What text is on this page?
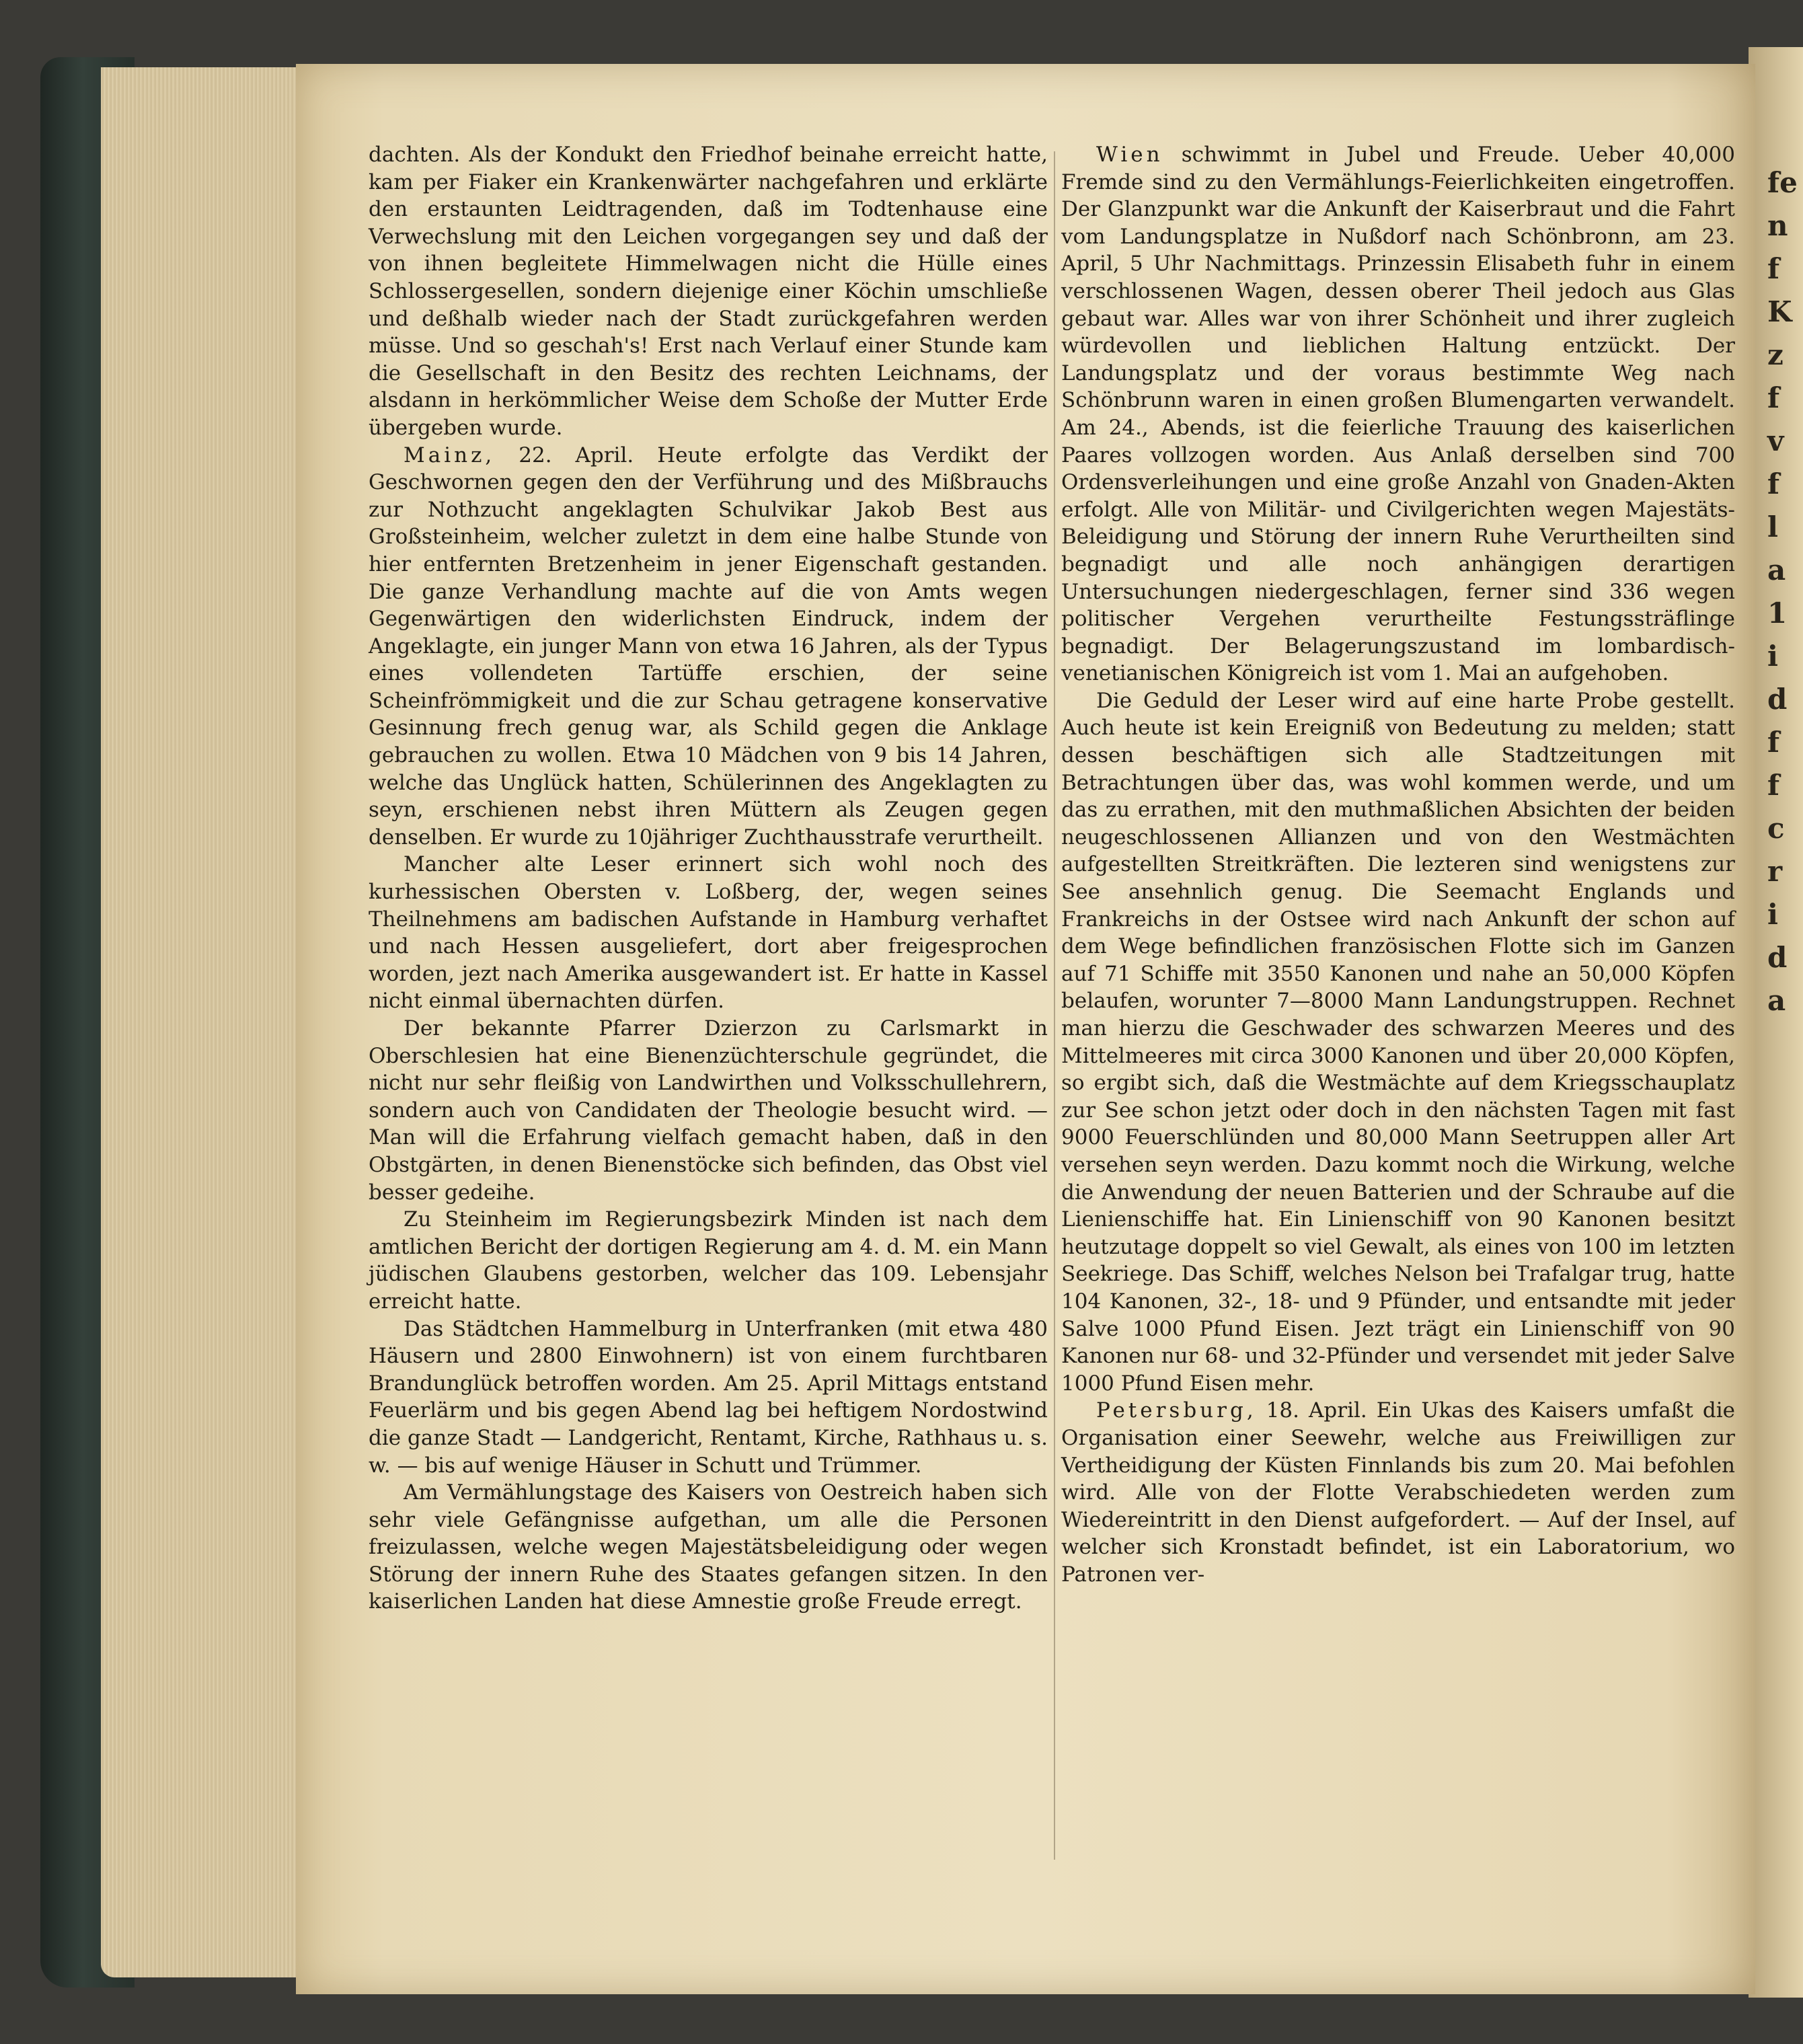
fe
n
f
K
z
f
v
f
l
a
1
i
d
f
f
c
r
i
d
a

dachten. Als der Kondukt den Friedhof beinahe erreicht hatte, kam per Fiaker ein Krankenwärter nachgefahren und erklärte den erstaunten Leidtragenden, daß im Todtenhause eine Verwechslung mit den Leichen vorgegangen sey und daß der von ihnen begleitete Himmelwagen nicht die Hülle eines Schlossergesellen, sondern diejenige einer Köchin umschließe und deßhalb wieder nach der Stadt zurückgefahren werden müsse. Und so geschah's! Erst nach Verlauf einer Stunde kam die Gesellschaft in den Besitz des rechten Leichnams, der alsdann in herkömmlicher Weise dem Schoße der Mutter Erde übergeben wurde.

Mainz, 22. April. Heute erfolgte das Verdikt der Geschwornen gegen den der Verführung und des Mißbrauchs zur Nothzucht angeklagten Schulvikar Jakob Best aus Großsteinheim, welcher zuletzt in dem eine halbe Stunde von hier entfernten Bretzenheim in jener Eigenschaft gestanden. Die ganze Verhandlung machte auf die von Amts wegen Gegenwärtigen den widerlichsten Eindruck, indem der Angeklagte, ein junger Mann von etwa 16 Jahren, als der Typus eines vollendeten Tartüffe erschien, der seine Scheinfrömmigkeit und die zur Schau getragene konservative Gesinnung frech genug war, als Schild gegen die Anklage gebrauchen zu wollen. Etwa 10 Mädchen von 9 bis 14 Jahren, welche das Unglück hatten, Schülerinnen des Angeklagten zu seyn, erschienen nebst ihren Müttern als Zeugen gegen denselben. Er wurde zu 10jähriger Zuchthausstrafe verurtheilt.

Mancher alte Leser erinnert sich wohl noch des kurhessischen Obersten v. Loßberg, der, wegen seines Theilnehmens am badischen Aufstande in Hamburg verhaftet und nach Hessen ausgeliefert, dort aber freigesprochen worden, jezt nach Amerika ausgewandert ist. Er hatte in Kassel nicht einmal übernachten dürfen.

Der bekannte Pfarrer Dzierzon zu Carlsmarkt in Oberschlesien hat eine Bienenzüchterschule gegründet, die nicht nur sehr fleißig von Landwirthen und Volksschullehrern, sondern auch von Candidaten der Theologie besucht wird. — Man will die Erfahrung vielfach gemacht haben, daß in den Obstgärten, in denen Bienenstöcke sich befinden, das Obst viel besser gedeihe.

Zu Steinheim im Regierungsbezirk Minden ist nach dem amtlichen Bericht der dortigen Regierung am 4. d. M. ein Mann jüdischen Glaubens gestorben, welcher das 109. Lebensjahr erreicht hatte.

Das Städtchen Hammelburg in Unterfranken (mit etwa 480 Häusern und 2800 Einwohnern) ist von einem furchtbaren Brandunglück betroffen worden. Am 25. April Mittags entstand Feuerlärm und bis gegen Abend lag bei heftigem Nordostwind die ganze Stadt — Landgericht, Rentamt, Kirche, Rathhaus u. s. w. — bis auf wenige Häuser in Schutt und Trümmer.

Am Vermählungstage des Kaisers von Oestreich haben sich sehr viele Gefängnisse aufgethan, um alle die Personen freizulassen, welche wegen Majestätsbeleidigung oder wegen Störung der innern Ruhe des Staates gefangen sitzen. In den kaiserlichen Landen hat diese Amnestie große Freude erregt.

Wien schwimmt in Jubel und Freude. Ueber 40,000 Fremde sind zu den Vermählungs-Feierlichkeiten eingetroffen. Der Glanzpunkt war die Ankunft der Kaiserbraut und die Fahrt vom Landungsplatze in Nußdorf nach Schönbronn, am 23. April, 5 Uhr Nachmittags. Prinzessin Elisabeth fuhr in einem verschlossenen Wagen, dessen oberer Theil jedoch aus Glas gebaut war. Alles war von ihrer Schönheit und ihrer zugleich würdevollen und lieblichen Haltung entzückt. Der Landungsplatz und der voraus bestimmte Weg nach Schönbrunn waren in einen großen Blumengarten verwandelt. Am 24., Abends, ist die feierliche Trauung des kaiserlichen Paares vollzogen worden. Aus Anlaß derselben sind 700 Ordensverleihungen und eine große Anzahl von Gnaden-Akten erfolgt. Alle von Militär- und Civilgerichten wegen Majestäts-Beleidigung und Störung der innern Ruhe Verurtheilten sind begnadigt und alle noch anhängigen derartigen Untersuchungen niedergeschlagen, ferner sind 336 wegen politischer Vergehen verurtheilte Festungssträflinge begnadigt. Der Belagerungszustand im lombardisch-venetianischen Königreich ist vom 1. Mai an aufgehoben.

Die Geduld der Leser wird auf eine harte Probe gestellt. Auch heute ist kein Ereigniß von Bedeutung zu melden; statt dessen beschäftigen sich alle Stadtzeitungen mit Betrachtungen über das, was wohl kommen werde, und um das zu errathen, mit den muthmaßlichen Absichten der beiden neugeschlossenen Allianzen und von den Westmächten aufgestellten Streitkräften. Die lezteren sind wenigstens zur See ansehnlich genug. Die Seemacht Englands und Frankreichs in der Ostsee wird nach Ankunft der schon auf dem Wege befindlichen französischen Flotte sich im Ganzen auf 71 Schiffe mit 3550 Kanonen und nahe an 50,000 Köpfen belaufen, worunter 7—8000 Mann Landungstruppen. Rechnet man hierzu die Geschwader des schwarzen Meeres und des Mittelmeeres mit circa 3000 Kanonen und über 20,000 Köpfen, so ergibt sich, daß die Westmächte auf dem Kriegsschauplatz zur See schon jetzt oder doch in den nächsten Tagen mit fast 9000 Feuerschlünden und 80,000 Mann Seetruppen aller Art versehen seyn werden. Dazu kommt noch die Wirkung, welche die Anwendung der neuen Batterien und der Schraube auf die Lienienschiffe hat. Ein Linienschiff von 90 Kanonen besitzt heutzutage doppelt so viel Gewalt, als eines von 100 im letzten Seekriege. Das Schiff, welches Nelson bei Trafalgar trug, hatte 104 Kanonen, 32-, 18- und 9 Pfünder, und entsandte mit jeder Salve 1000 Pfund Eisen. Jezt trägt ein Linienschiff von 90 Kanonen nur 68- und 32-Pfünder und versendet mit jeder Salve 1000 Pfund Eisen mehr.

Petersburg, 18. April. Ein Ukas des Kaisers umfaßt die Organisation einer Seewehr, welche aus Freiwilligen zur Vertheidigung der Küsten Finnlands bis zum 20. Mai befohlen wird. Alle von der Flotte Verabschiedeten werden zum Wiedereintritt in den Dienst aufgefordert. — Auf der Insel, auf welcher sich Kronstadt befindet, ist ein Laboratorium, wo Patronen ver-
